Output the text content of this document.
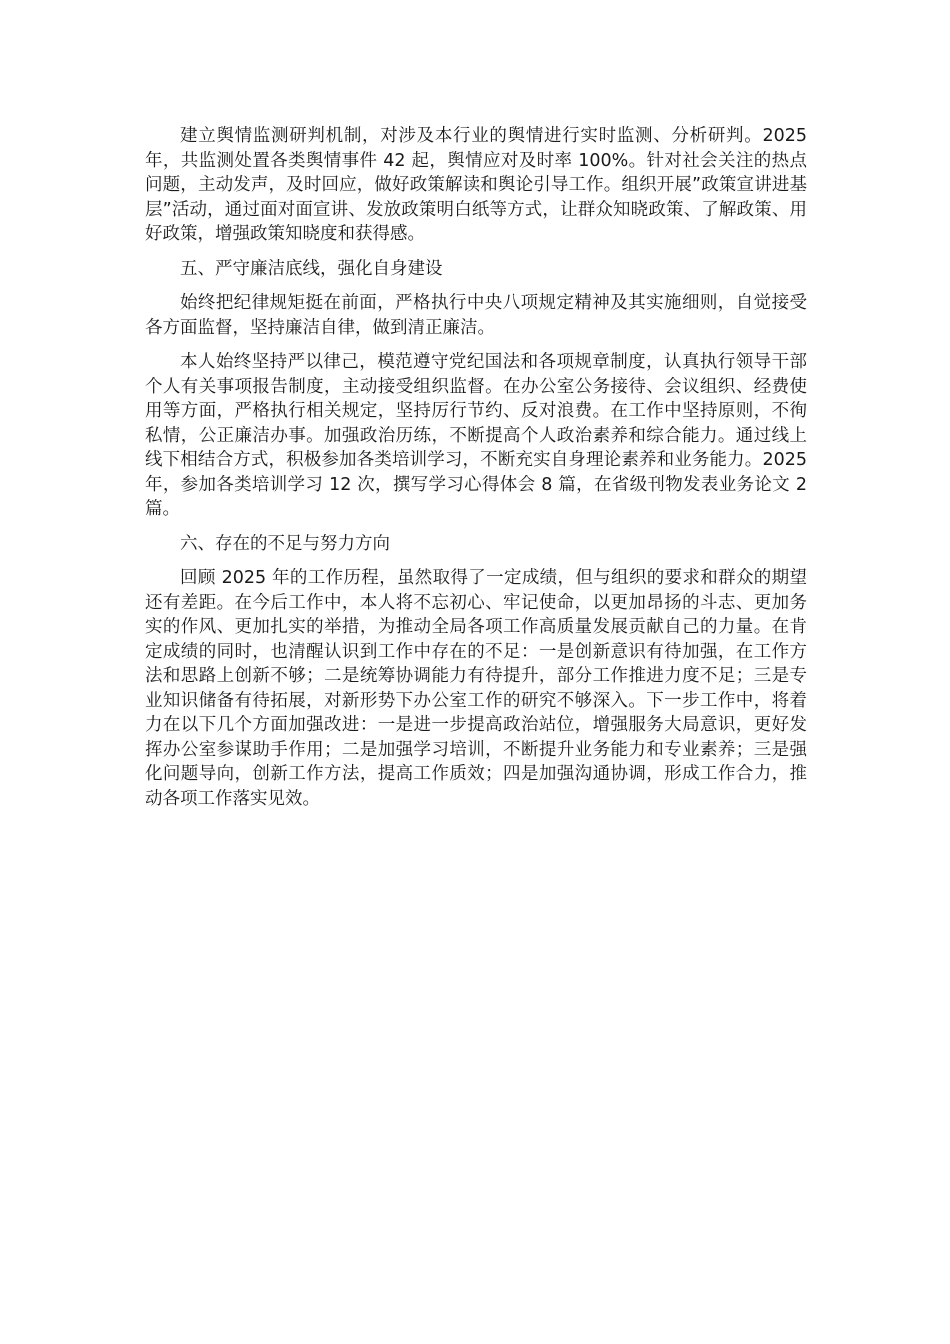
建立舆情监测研判机制，对涉及本行业的舆情进行实时监测、分析研判。2025 年，共监测处置各类舆情事件 42 起，舆情应对及时率 100%。针对社会关注的热点问题，主动发声，及时回应，做好政策解读和舆论引导工作。组织开展”政策宣讲进基层”活动，通过面对面宣讲、发放政策明白纸等方式，让群众知晓政策、了解政策、用好政策，增强政策知晓度和获得感。

五、严守廉洁底线，强化自身建设

始终把纪律规矩挺在前面，严格执行中央八项规定精神及其实施细则，自觉接受各方面监督，坚持廉洁自律，做到清正廉洁。

本人始终坚持严以律己，模范遵守党纪国法和各项规章制度，认真执行领导干部个人有关事项报告制度，主动接受组织监督。在办公室公务接待、会议组织、经费使用等方面，严格执行相关规定，坚持厉行节约、反对浪费。在工作中坚持原则，不徇私情，公正廉洁办事。加强政治历练，不断提高个人政治素养和综合能力。通过线上线下相结合方式，积极参加各类培训学习，不断充实自身理论素养和业务能力。2025 年，参加各类培训学习 12 次，撰写学习心得体会 8 篇，在省级刊物发表业务论文 2 篇。

六、存在的不足与努力方向

回顾 2025 年的工作历程，虽然取得了一定成绩，但与组织的要求和群众的期望还有差距。在今后工作中，本人将不忘初心、牢记使命，以更加昂扬的斗志、更加务实的作风、更加扎实的举措，为推动全局各项工作高质量发展贡献自己的力量。在肯定成绩的同时，也清醒认识到工作中存在的不足：一是创新意识有待加强，在工作方法和思路上创新不够；二是统筹协调能力有待提升，部分工作推进力度不足；三是专业知识储备有待拓展，对新形势下办公室工作的研究不够深入。下一步工作中，将着力在以下几个方面加强改进：一是进一步提高政治站位，增强服务大局意识，更好发挥办公室参谋助手作用；二是加强学习培训，不断提升业务能力和专业素养；三是强化问题导向，创新工作方法，提高工作质效；四是加强沟通协调，形成工作合力，推动各项工作落实见效。
